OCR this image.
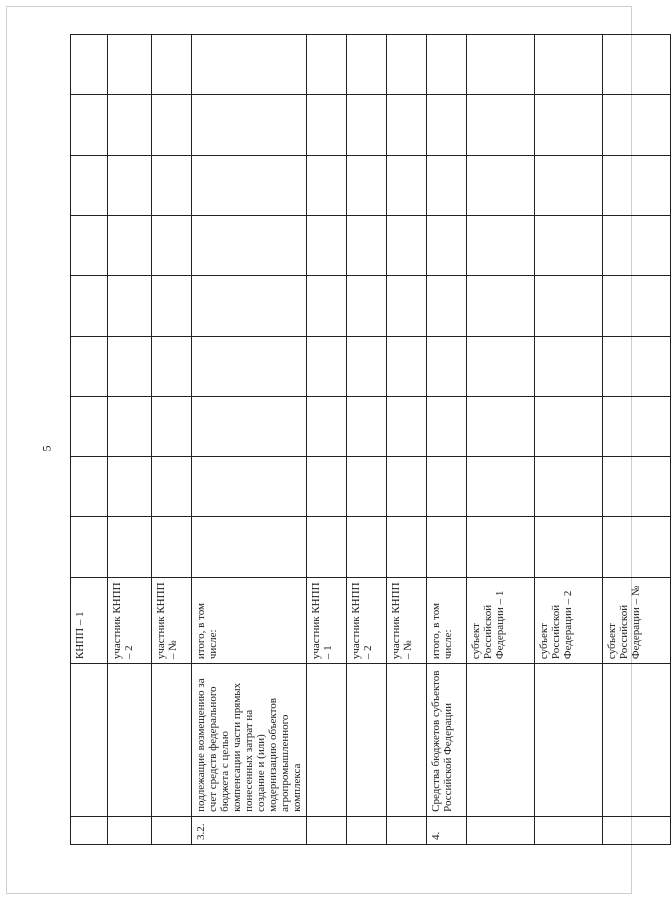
5
		КНПП – 1									
		участник КНПП – 2									
		участник КНПП – №									
3.2.	подлежащие возмещению за счет средств федерального бюджета с целью компенсации части прямых понесенных затрат на создание и (или) модернизацию объектов агропромышленного комплекса	итого, в том числе:									
		участник КНПП – 1									
		участник КНПП – 2									
		участник КНПП – №									
4.	Средства бюджетов субъектов Российской Федерации	итого, в том числе:									
		субъект Российской Федерации – 1									
		субъект Российской Федерации – 2									
		субъект Российской Федерации – №									
